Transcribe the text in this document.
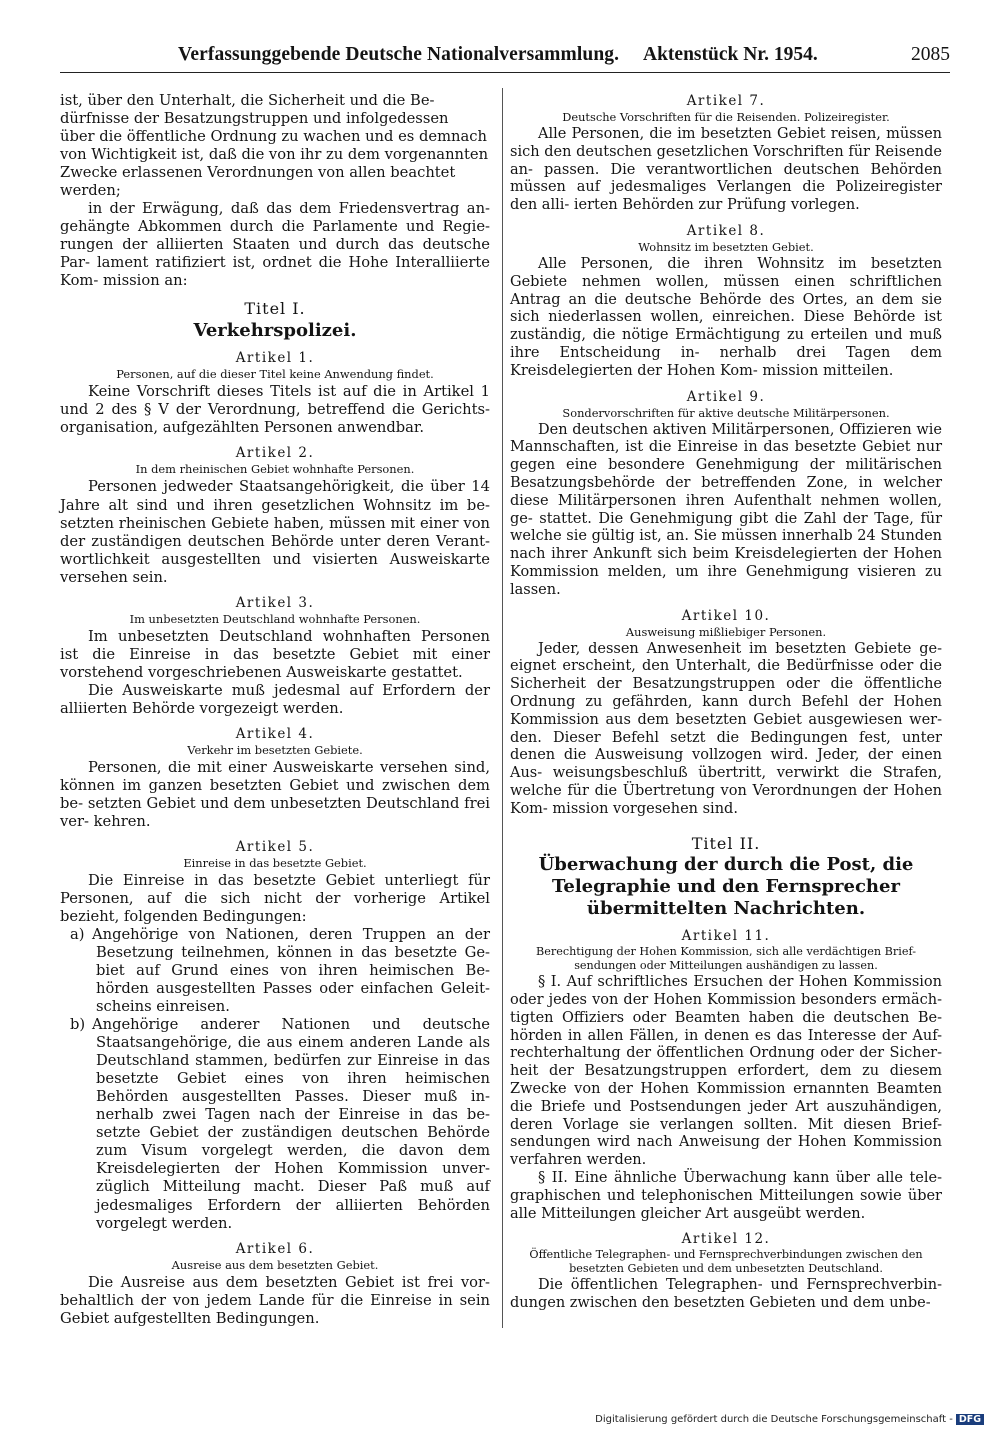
Verfassunggebende Deutsche Nationalversammlung. Aktenstück Nr. 1954.	2085

ist, über den Unterhalt, die Sicherheit und die Be-

dürfnisse der Besatzungstruppen und infolgedessen

über die öffentliche Ordnung zu wachen und es demnach

von Wichtigkeit ist, daß die von ihr zu dem vorgenannten

Zwecke erlassenen Verordnungen von allen beachtet

werden;

in der Erwägung, daß das dem Friedensvertrag an- gehängte Abkommen durch die Parlamente und Regie- rungen der alliierten Staaten und durch das deutsche Par- lament ratifiziert ist, ordnet die Hohe Interalliierte Kom- mission an:

Titel I.
Verkehrspolizei.
Artikel 1.
Personen, auf die dieser Titel keine Anwendung findet.

Keine Vorschrift dieses Titels ist auf die in Artikel 1 und 2 des § V der Verordnung, betreffend die Gerichts- organisation, aufgezählten Personen anwendbar.

Artikel 2.
In dem rheinischen Gebiet wohnhafte Personen.

Personen jedweder Staatsangehörigkeit, die über 14 Jahre alt sind und ihren gesetzlichen Wohnsitz im be- setzten rheinischen Gebiete haben, müssen mit einer von der zuständigen deutschen Behörde unter deren Verant- wortlichkeit ausgestellten und visierten Ausweiskarte versehen sein.

Artikel 3.
Im unbesetzten Deutschland wohnhafte Personen.

Im unbesetzten Deutschland wohnhaften Personen ist die Einreise in das besetzte Gebiet mit einer vorstehend vorgeschriebenen Ausweiskarte gestattet.

Die Ausweiskarte muß jedesmal auf Erfordern der alliierten Behörde vorgezeigt werden.

Artikel 4.
Verkehr im besetzten Gebiete.

Personen, die mit einer Ausweiskarte versehen sind, können im ganzen besetzten Gebiet und zwischen dem be- setzten Gebiet und dem unbesetzten Deutschland frei ver- kehren.

Artikel 5.
Einreise in das besetzte Gebiet.

Die Einreise in das besetzte Gebiet unterliegt für Personen, auf die sich nicht der vorherige Artikel bezieht, folgenden Bedingungen:

a) Angehörige von Nationen, deren Truppen an der Besetzung teilnehmen, können in das besetzte Ge- biet auf Grund eines von ihren heimischen Be- hörden ausgestellten Passes oder einfachen Geleit- scheins einreisen.

b) Angehörige anderer Nationen und deutsche Staatsangehörige, die aus einem anderen Lande als Deutschland stammen, bedürfen zur Einreise in das besetzte Gebiet eines von ihren heimischen Behörden ausgestellten Passes. Dieser muß in- nerhalb zwei Tagen nach der Einreise in das be- setzte Gebiet der zuständigen deutschen Behörde zum Visum vorgelegt werden, die davon dem Kreisdelegierten der Hohen Kommission unver- züglich Mitteilung macht. Dieser Paß muß auf jedesmaliges Erfordern der alliierten Behörden vorgelegt werden.

Artikel 6.
Ausreise aus dem besetzten Gebiet.

Die Ausreise aus dem besetzten Gebiet ist frei vor- behaltlich der von jedem Lande für die Einreise in sein Gebiet aufgestellten Bedingungen.

Artikel 7.
Deutsche Vorschriften für die Reisenden. Polizeiregister.

Alle Personen, die im besetzten Gebiet reisen, müssen sich den deutschen gesetzlichen Vorschriften für Reisende an- passen. Die verantwortlichen deutschen Behörden müssen auf jedesmaliges Verlangen die Polizeiregister den alli- ierten Behörden zur Prüfung vorlegen.

Artikel 8.
Wohnsitz im besetzten Gebiet.

Alle Personen, die ihren Wohnsitz im besetzten Gebiete nehmen wollen, müssen einen schriftlichen Antrag an die deutsche Behörde des Ortes, an dem sie sich niederlassen wollen, einreichen. Diese Behörde ist zuständig, die nötige Ermächtigung zu erteilen und muß ihre Entscheidung in- nerhalb drei Tagen dem Kreisdelegierten der Hohen Kom- mission mitteilen.

Artikel 9.
Sondervorschriften für aktive deutsche Militärpersonen.

Den deutschen aktiven Militärpersonen, Offizieren wie Mannschaften, ist die Einreise in das besetzte Gebiet nur gegen eine besondere Genehmigung der militärischen Besatzungsbehörde der betreffenden Zone, in welcher diese Militärpersonen ihren Aufenthalt nehmen wollen, ge- stattet. Die Genehmigung gibt die Zahl der Tage, für welche sie gültig ist, an. Sie müssen innerhalb 24 Stunden nach ihrer Ankunft sich beim Kreisdelegierten der Hohen Kommission melden, um ihre Genehmigung visieren zu lassen.

Artikel 10.
Ausweisung mißliebiger Personen.

Jeder, dessen Anwesenheit im besetzten Gebiete ge- eignet erscheint, den Unterhalt, die Bedürfnisse oder die Sicherheit der Besatzungstruppen oder die öffentliche Ordnung zu gefährden, kann durch Befehl der Hohen Kommission aus dem besetzten Gebiet ausgewiesen wer- den. Dieser Befehl setzt die Bedingungen fest, unter denen die Ausweisung vollzogen wird. Jeder, der einen Aus- weisungsbeschluß übertritt, verwirkt die Strafen, welche für die Übertretung von Verordnungen der Hohen Kom- mission vorgesehen sind.

Titel II.
Überwachung der durch die Post, die Telegraphie und den Fernsprecher übermittelten Nachrichten.
Artikel 11.
Berechtigung der Hohen Kommission, sich alle verdächtigen Brief- sendungen oder Mitteilungen aushändigen zu lassen.

§ I. Auf schriftliches Ersuchen der Hohen Kommission oder jedes von der Hohen Kommission besonders ermäch- tigten Offiziers oder Beamten haben die deutschen Be- hörden in allen Fällen, in denen es das Interesse der Auf- rechterhaltung der öffentlichen Ordnung oder der Sicher- heit der Besatzungstruppen erfordert, dem zu diesem Zwecke von der Hohen Kommission ernannten Beamten die Briefe und Postsendungen jeder Art auszuhändigen, deren Vorlage sie verlangen sollten. Mit diesen Brief- sendungen wird nach Anweisung der Hohen Kommission verfahren werden.

§ II. Eine ähnliche Überwachung kann über alle tele- graphischen und telephonischen Mitteilungen sowie über alle Mitteilungen gleicher Art ausgeübt werden.

Artikel 12.
Öffentliche Telegraphen- und Fernsprechverbindungen zwischen den besetzten Gebieten und dem unbesetzten Deutschland.

Die öffentlichen Telegraphen- und Fernsprechverbin- dungen zwischen den besetzten Gebieten und dem unbe-

Digitalisierung gefördert durch die Deutsche Forschungsgemeinschaft - DFG
